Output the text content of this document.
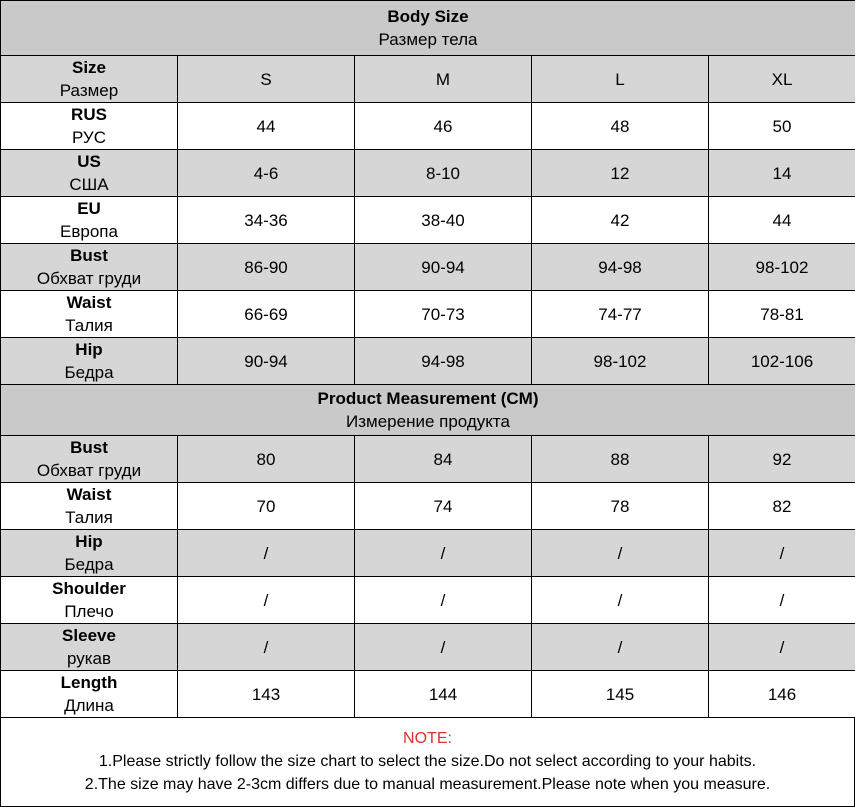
Body Size
Размер тела				

Size
Размер	S	M	L	XL

RUS
РУС	44	46	48	50

US
США	4-6	8-10	12	14

EU
Европа	34-36	38-40	42	44

Bust
Обхват груди	86-90	90-94	94-98	98-102

Waist
Талия	66-69	70-73	74-77	78-81

Hip
Бедра	90-94	94-98	98-102	102-106

Product Measurement (CM)
Измерение продукта				

Bust
Обхват груди	80	84	88	92

Waist
Талия	70	74	78	82

Hip
Бедра	/	/	/	/

Shoulder
Плечо	/	/	/	/

Sleeve
рукав	/	/	/	/

Length
Длина	143	144	145	146
NOTE:
1.Please strictly follow the size chart to select the size.Do not select according to your habits.
2.The size may have 2-3cm differs due to manual measurement.Please note when you measure.
